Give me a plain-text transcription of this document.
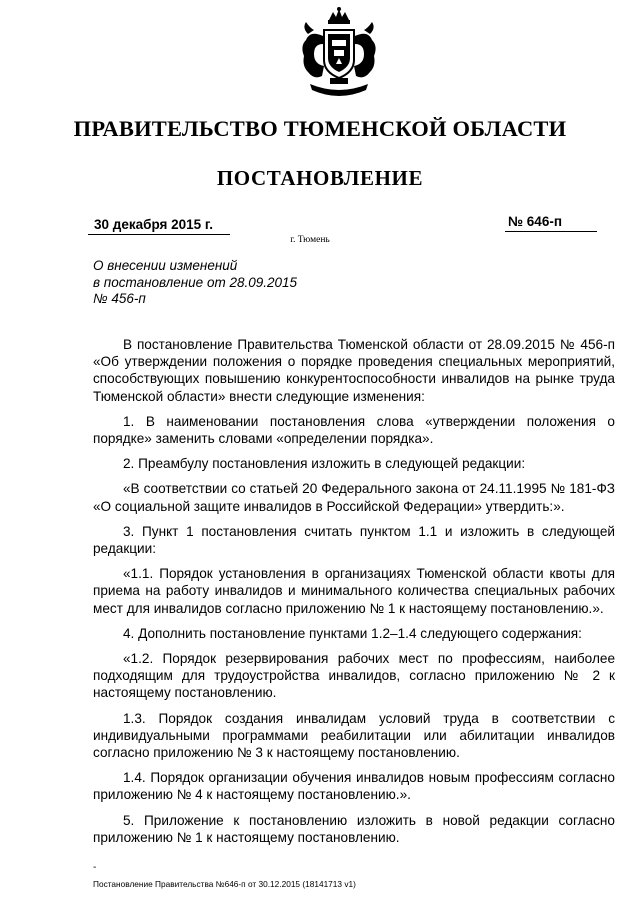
ПРАВИТЕЛЬСТВО ТЮМЕНСКОЙ ОБЛАСТИ
ПОСТАНОВЛЕНИЕ
30 декабря 2015 г.	№ 646-п
г. Тюмень
О внесении изменений
в постановление от 28.09.2015
№ 456-п

В постановление Правительства Тюменской области от 28.09.2015 № 456-п «Об утверждении положения о порядке проведения специальных мероприятий, способствующих повышению конкурентоспособности инвалидов на рынке труда Тюменской области» внести следующие изменения:

1. В наименовании постановления слова «утверждении положения о порядке» заменить словами «определении порядка».

2. Преамбулу постановления изложить в следующей редакции:

«В соответствии со статьей 20 Федерального закона от 24.11.1995 № 181-ФЗ «О социальной защите инвалидов в Российской Федерации» утвердить:».

3. Пункт 1 постановления считать пунктом 1.1 и изложить в следующей редакции:

«1.1. Порядок установления в организациях Тюменской области квоты для приема на работу инвалидов и минимального количества специальных рабочих мест для инвалидов согласно приложению № 1 к настоящему постановлению.».

4. Дополнить постановление пунктами 1.2–1.4 следующего содержания:

«1.2. Порядок резервирования рабочих мест по профессиям, наиболее подходящим для трудоустройства инвалидов, согласно приложению № 2 к настоящему постановлению.

1.3. Порядок создания инвалидам условий труда в соответствии с индивидуальными программами реабилитации или абилитации инвалидов согласно приложению № 3 к настоящему постановлению.

1.4. Порядок организации обучения инвалидов новым профессиям согласно приложению № 4 к настоящему постановлению.».

5. Приложение к постановлению изложить в новой редакции согласно приложению № 1 к настоящему постановлению.

-
Постановление Правительства №646-п от 30.12.2015 (18141713 v1)
